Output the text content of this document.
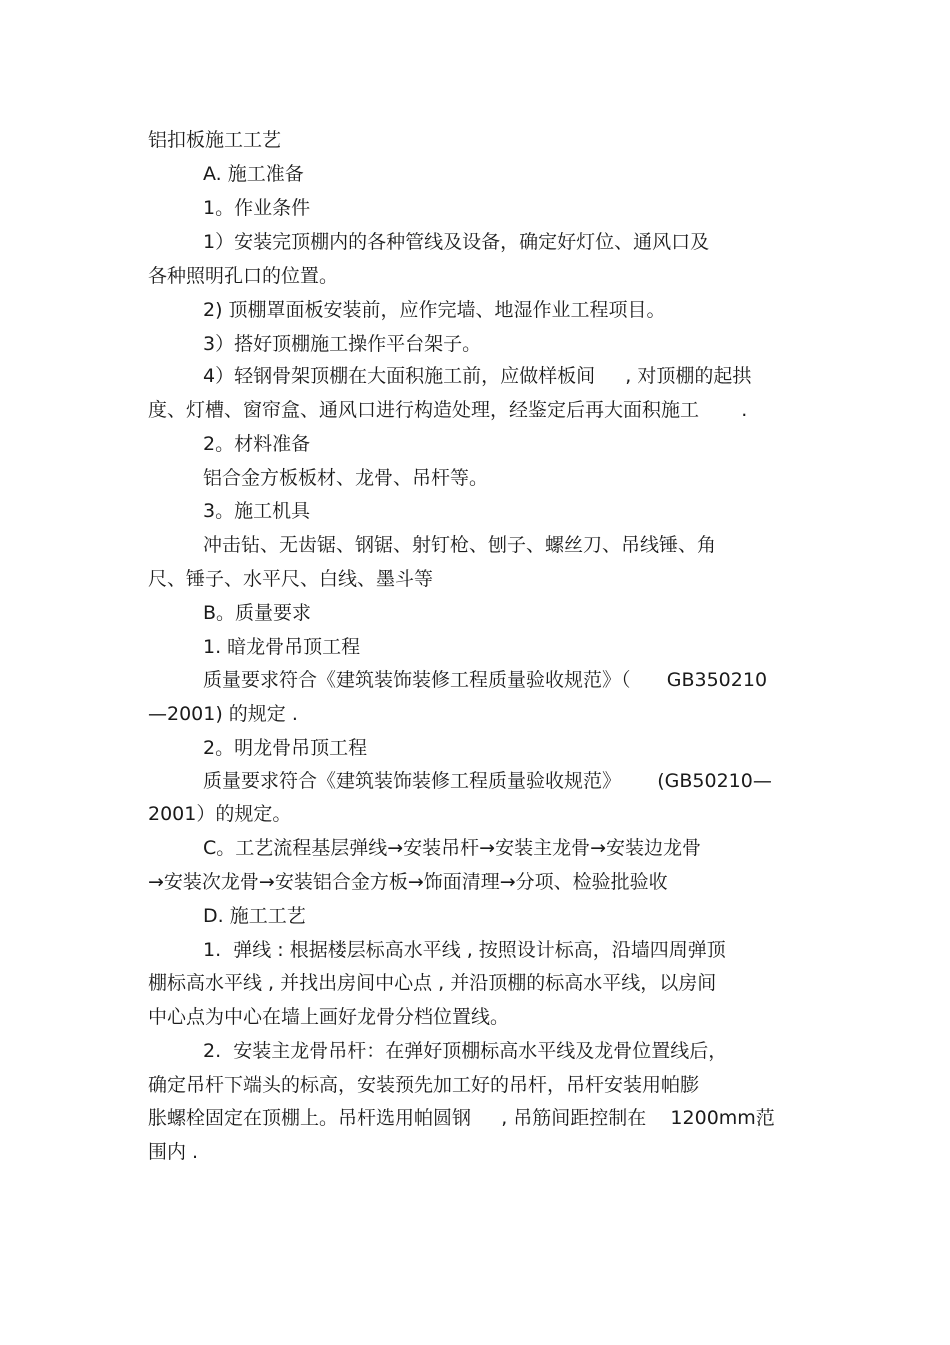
铝扣板施工工艺
A. 施工准备
1。作业条件
1）安装完顶棚内的各种管线及设备，确定好灯位、通风口及
各种照明孔口的位置。
2) 顶棚罩面板安装前，应作完墙、地湿作业工程项目。
3）搭好顶棚施工操作平台架子。
4）轻钢骨架顶棚在大面积施工前，应做样板间     , 对顶棚的起拱
度、灯槽、窗帘盒、通风口进行构造处理，经鉴定后再大面积施工       .
2。材料准备
铝合金方板板材、龙骨、吊杆等。
3。施工机具
冲击钻、无齿锯、钢锯、射钉枪、刨子、螺丝刀、吊线锤、角
尺、锤子、水平尺、白线、墨斗等
B。质量要求
1. 暗龙骨吊顶工程
质量要求符合《建筑装饰装修工程质量验收规范》（      GB350210
—2001) 的规定 .
2。明龙骨吊顶工程
质量要求符合《建筑装饰装修工程质量验收规范》      (GB50210—
2001）的规定。
C。工艺流程基层弹线→安装吊杆→安装主龙骨→安装边龙骨
→安装次龙骨→安装铝合金方板→饰面清理→分项、检验批验收
D. 施工工艺
1.  弹线 : 根据楼层标高水平线 , 按照设计标高，沿墙四周弹顶
棚标高水平线 , 并找出房间中心点 , 并沿顶棚的标高水平线，以房间
中心点为中心在墙上画好龙骨分档位置线。
2.  安装主龙骨吊杆：在弹好顶棚标高水平线及龙骨位置线后，
确定吊杆下端头的标高，安装预先加工好的吊杆，吊杆安装用帕膨
胀螺栓固定在顶棚上。吊杆选用帕圆钢     , 吊筋间距控制在    1200mm范
围内 .
